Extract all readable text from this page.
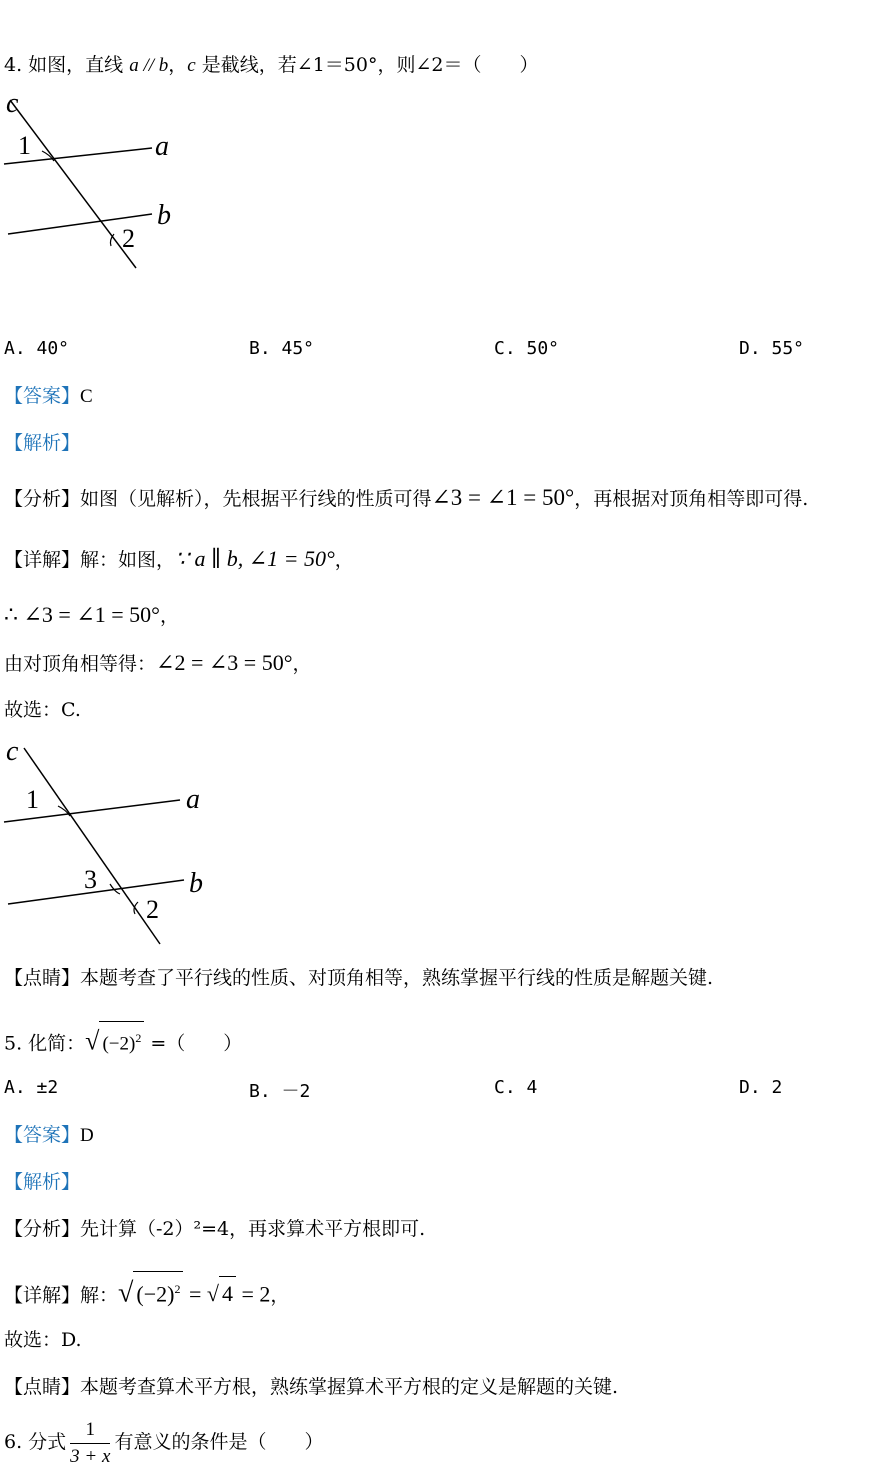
4. 如图，直线 a // b，c 是截线，若∠1＝50°，则∠2＝（　　）
c
a
b
1
2
A. 40°	B. 45°	C. 50°	D. 55°
【答案】C
【解析】
【分析】如图（见解析），先根据平行线的性质可得∠3 = ∠1 = 50°，再根据对顶角相等即可得.
【详解】解：如图，∵ a ∥ b, ∠1 = 50°，
∴ ∠3 = ∠1 = 50°，
由对顶角相等得：∠2 = ∠3 = 50°，
故选：C.
c
a
b
1
3
2
【点睛】本题考查了平行线的性质、对顶角相等，熟练掌握平行线的性质是解题关键.
5. 化简：√ $(-2)^2$ =（　　）
A. ±2	B. －2	C. 4	D. 2
【答案】D
【解析】
【分析】先计算（-2）²=4，再求算术平方根即可.
【详解】解：√ $(-2)^2$ = √ 4 = 2，
故选：D.
【点睛】本题考查算术平方根，熟练掌握算术平方根的定义是解题的关键.
6. 分式 $\frac{1}{3 + x}$ 有意义的条件是（　　）
